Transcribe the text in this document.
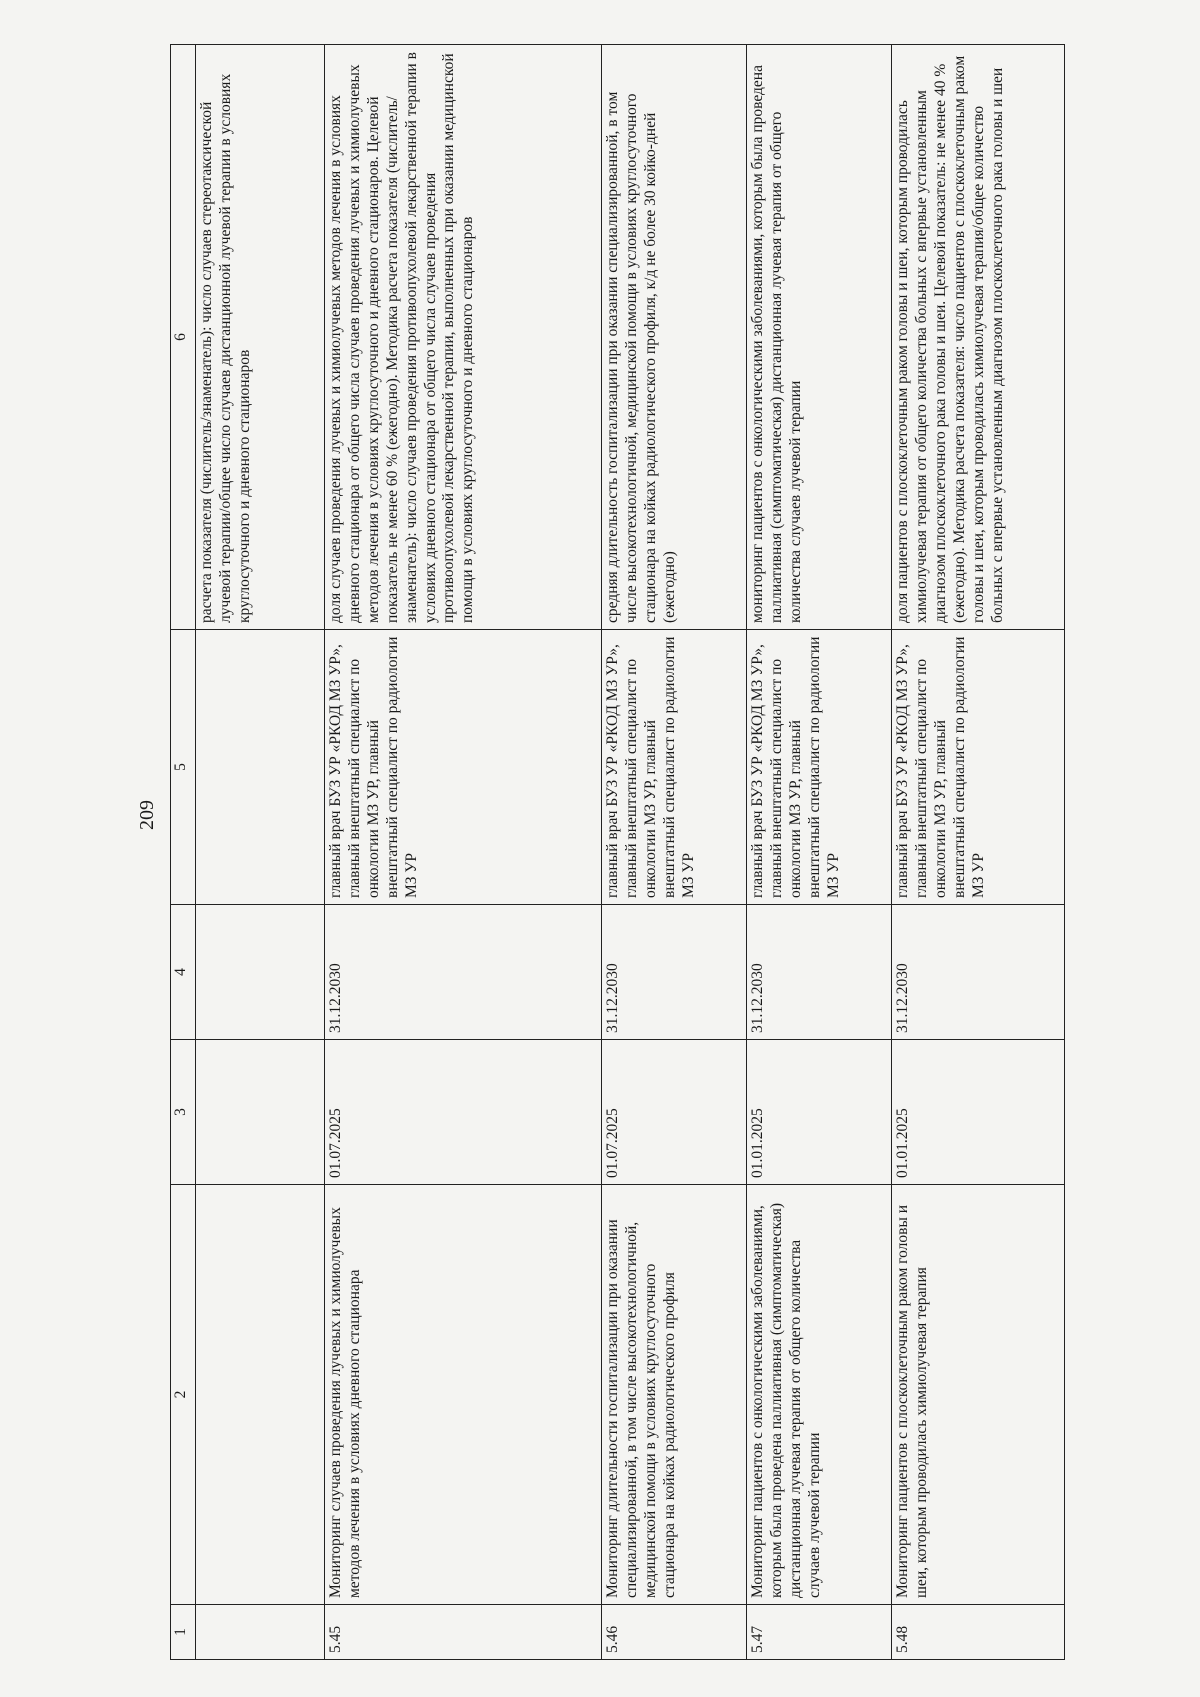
209
1	2	3	4	5	6
					расчета показателя (числитель/знаменатель): число случаев стереотаксической лучевой терапии/общее число случаев дистанционной лучевой терапии в условиях круглосуточного и дневного стационаров
5.45	Мониторинг случаев проведения лучевых и химиолучевых методов лечения в условиях дневного стационара	01.07.2025	31.12.2030	главный врач БУЗ УР «РКОД МЗ УР», главный внештатный специалист по онкологии МЗ УР, главный внештатный специалист по радиологии МЗ УР	доля случаев проведения лучевых и химиолучевых методов лечения в условиях дневного стационара от общего числа случаев проведения лучевых и химиолучевых методов лечения в условиях круглосуточного и дневного стационаров. Целевой показатель не менее 60 % (ежегодно). Методика расчета показателя (числитель/знаменатель): число случаев проведения противоопухолевой лекарственной терапии в условиях дневного стационара от общего числа случаев проведения противоопухолевой лекарственной терапии, выполненных при оказании медицинской помощи в условиях круглосуточного и дневного стационаров
5.46	Мониторинг длительности госпитализации при оказании специализированной, в том числе высокотехнологичной, медицинской помощи в условиях круглосуточного стационара на койках радиологического профиля	01.07.2025	31.12.2030	главный врач БУЗ УР «РКОД МЗ УР», главный внештатный специалист по онкологии МЗ УР, главный внештатный специалист по радиологии МЗ УР	средняя длительность госпитализации при оказании специализированной, в том числе высокотехнологичной, медицинской помощи в условиях круглосуточного стационара на койках радиологического профиля, к/д не более 30 койко-дней (ежегодно)
5.47	Мониторинг пациентов с онкологическими заболеваниями, которым была проведена паллиативная (симптоматическая) дистанционная лучевая терапия от общего количества случаев лучевой терапии	01.01.2025	31.12.2030	главный врач БУЗ УР «РКОД МЗ УР», главный внештатный специалист по онкологии МЗ УР, главный внештатный специалист по радиологии МЗ УР	мониторинг пациентов с онкологическими заболеваниями, которым была проведена паллиативная (симптоматическая) дистанционная лучевая терапия от общего количества случаев лучевой терапии
5.48	Мониторинг пациентов с плоскоклеточным раком головы и шеи, которым проводилась химиолучевая терапия	01.01.2025	31.12.2030	главный врач БУЗ УР «РКОД МЗ УР», главный внештатный специалист по онкологии МЗ УР, главный внештатный специалист по радиологии МЗ УР	доля пациентов с плоскоклеточным раком головы и шеи, которым проводилась химиолучевая терапия от общего количества больных с впервые установленным диагнозом плоскоклеточного рака головы и шеи. Целевой показатель: не менее 40 % (ежегодно). Методика расчета показателя: число пациентов с плоскоклеточным раком головы и шеи, которым проводилась химиолучевая терапия/общее количество больных с впервые установленным диагнозом плоскоклеточного рака головы и шеи
